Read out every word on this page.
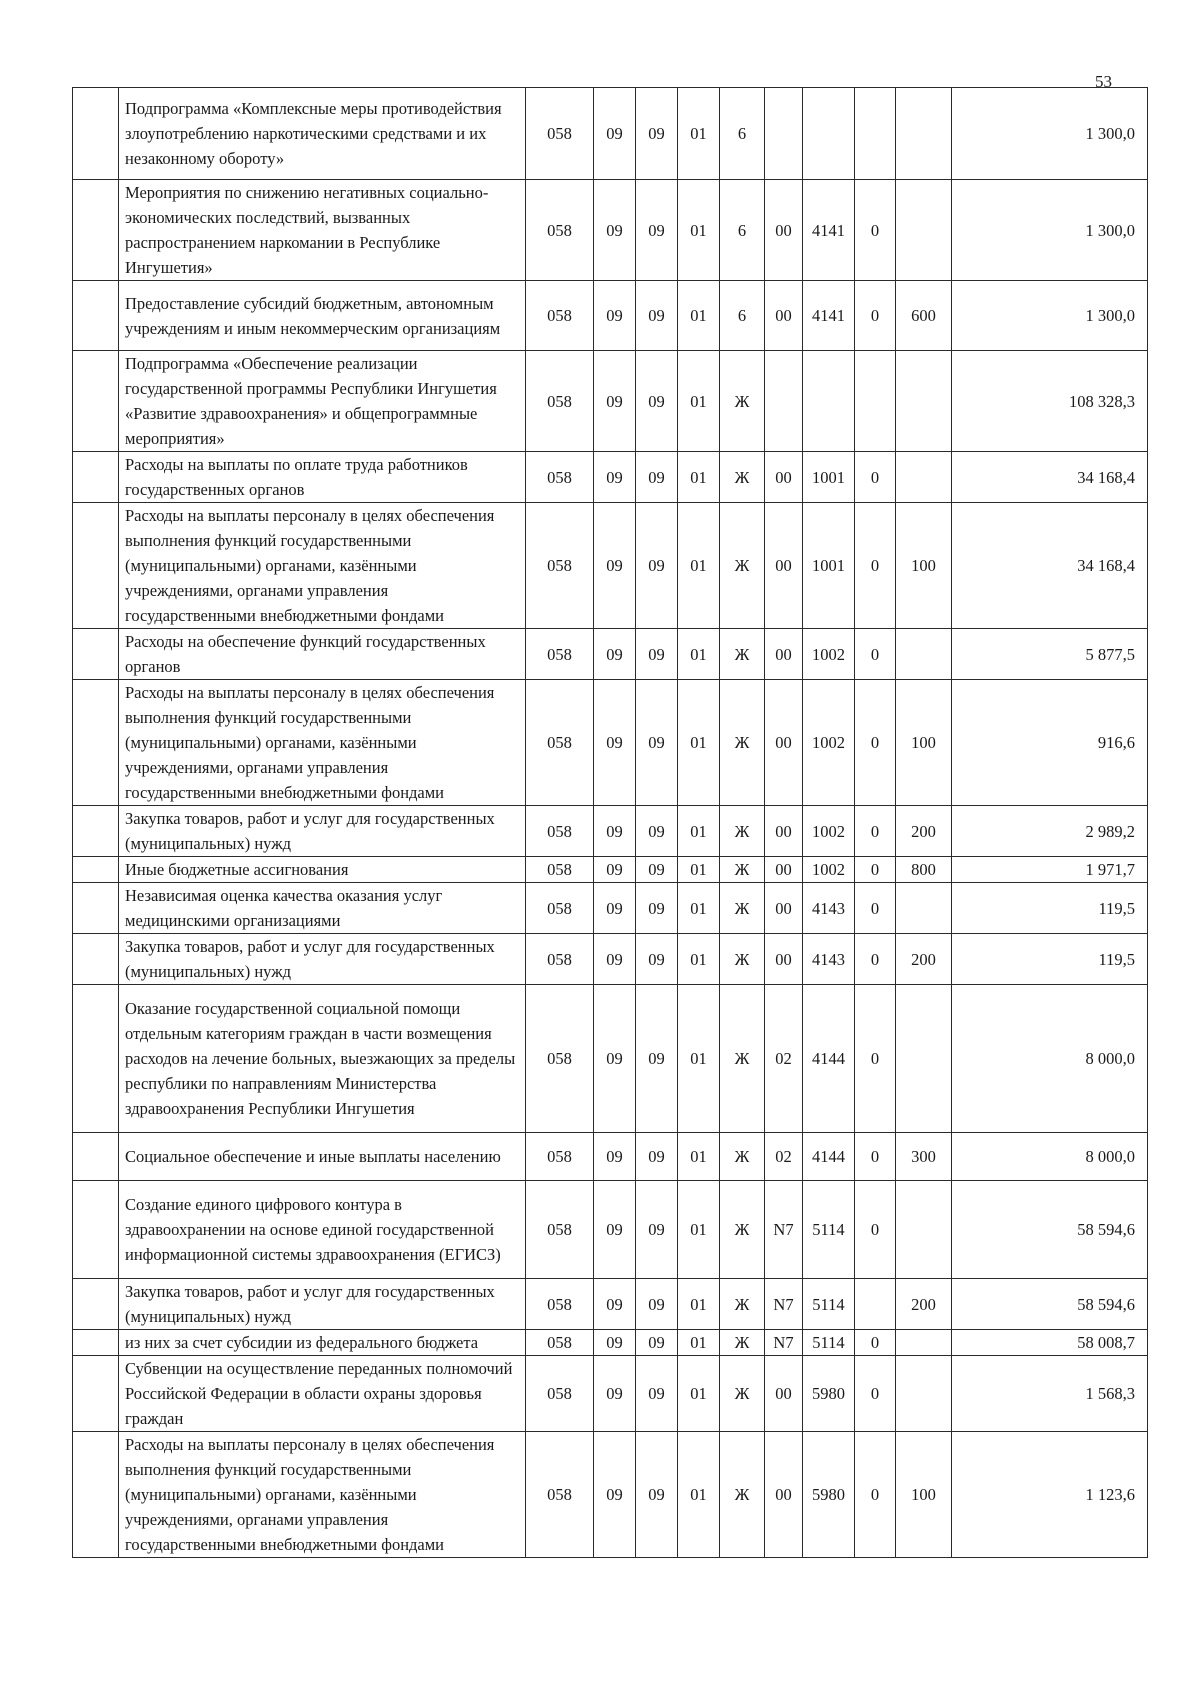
53
	Подпрограмма «Комплексные меры противодействия злоупотреблению наркотическими средствами и их незаконному обороту»	058	09	09	01	6					1 300,0
	Мероприятия по снижению негативных социально-экономических последствий, вызванных распространением наркомании в Республике Ингушетия»	058	09	09	01	6	00	4141	0		1 300,0
	Предоставление субсидий бюджетным, автономным учреждениям и иным некоммерческим организациям	058	09	09	01	6	00	4141	0	600	1 300,0
	Подпрограмма «Обеспечение реализации государственной программы Республики Ингушетия «Развитие здравоохранения» и общепрограммные мероприятия»	058	09	09	01	Ж					108 328,3
	Расходы на выплаты по оплате труда работников государственных органов	058	09	09	01	Ж	00	1001	0		34 168,4
	Расходы на выплаты персоналу в целях обеспечения выполнения функций государственными (муниципальными) органами, казёнными учреждениями, органами управления государственными внебюджетными фондами	058	09	09	01	Ж	00	1001	0	100	34 168,4
	Расходы на обеспечение функций государственных органов	058	09	09	01	Ж	00	1002	0		5 877,5
	Расходы на выплаты персоналу в целях обеспечения выполнения функций государственными (муниципальными) органами, казёнными учреждениями, органами управления государственными внебюджетными фондами	058	09	09	01	Ж	00	1002	0	100	916,6
	Закупка товаров, работ и услуг для государственных (муниципальных) нужд	058	09	09	01	Ж	00	1002	0	200	2 989,2
	Иные бюджетные ассигнования	058	09	09	01	Ж	00	1002	0	800	1 971,7
	Независимая оценка качества оказания услуг медицинскими организациями	058	09	09	01	Ж	00	4143	0		119,5
	Закупка товаров, работ и услуг для государственных (муниципальных) нужд	058	09	09	01	Ж	00	4143	0	200	119,5
	Оказание государственной социальной помощи отдельным категориям граждан в части возмещения расходов на лечение больных, выезжающих за пределы республики по направлениям Министерства здравоохранения Республики Ингушетия	058	09	09	01	Ж	02	4144	0		8 000,0
	Социальное обеспечение и иные выплаты населению	058	09	09	01	Ж	02	4144	0	300	8 000,0
	Создание единого цифрового контура в здравоохранении на основе единой государственной информационной системы здравоохранения (ЕГИСЗ)	058	09	09	01	Ж	N7	5114	0		58 594,6
	Закупка товаров, работ и услуг для государственных (муниципальных) нужд	058	09	09	01	Ж	N7	5114		200	58 594,6
	из них за счет субсидии из федерального бюджета	058	09	09	01	Ж	N7	5114	0		58 008,7
	Субвенции на осуществление переданных полномочий Российской Федерации в области охраны здоровья граждан	058	09	09	01	Ж	00	5980	0		1 568,3
	Расходы на выплаты персоналу в целях обеспечения выполнения функций государственными (муниципальными) органами, казёнными учреждениями, органами управления государственными внебюджетными фондами	058	09	09	01	Ж	00	5980	0	100	1 123,6
